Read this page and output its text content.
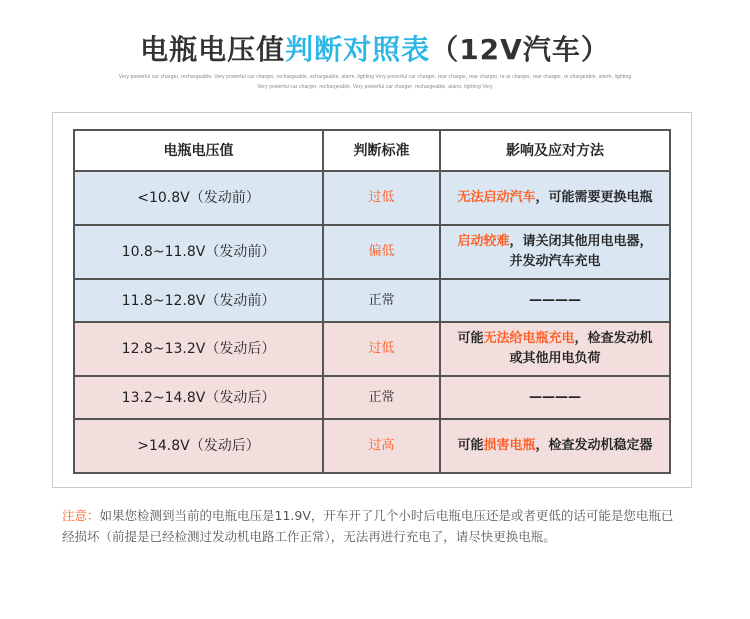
电瓶电压值判断对照表（12V汽车）
Very powerful car charger, rechargeable, Very powerful car charger, rechargeable, echargeable, alarm, lighting Very powerful car charger, rear charger, rear charger, re ar charger, rear charger, re chargeable, alarm, lighting
Very powerful car charger, rechargeable, Very powerful car charger, rechargeable, alarm, lighting Very
电瓶电压值	判断标准	影响及应对方法
<10.8V（发动前）	过低	无法启动汽车，可能需要更换电瓶
10.8~11.8V（发动前）	偏低	启动较难，请关闭其他用电电器，并发动汽车充电
11.8~12.8V（发动前）	正常	————
12.8~13.2V（发动后）	过低	可能无法给电瓶充电，检查发动机或其他用电负荷
13.2~14.8V（发动后）	正常	————
>14.8V（发动后）	过高	可能损害电瓶，检查发动机稳定器
注意：如果您检测到当前的电瓶电压是11.9V，开车开了几个小时后电瓶电压还是或者更低的话可能是您电瓶已经损坏（前提是已经检测过发动机电路工作正常），无法再进行充电了，请尽快更换电瓶。
